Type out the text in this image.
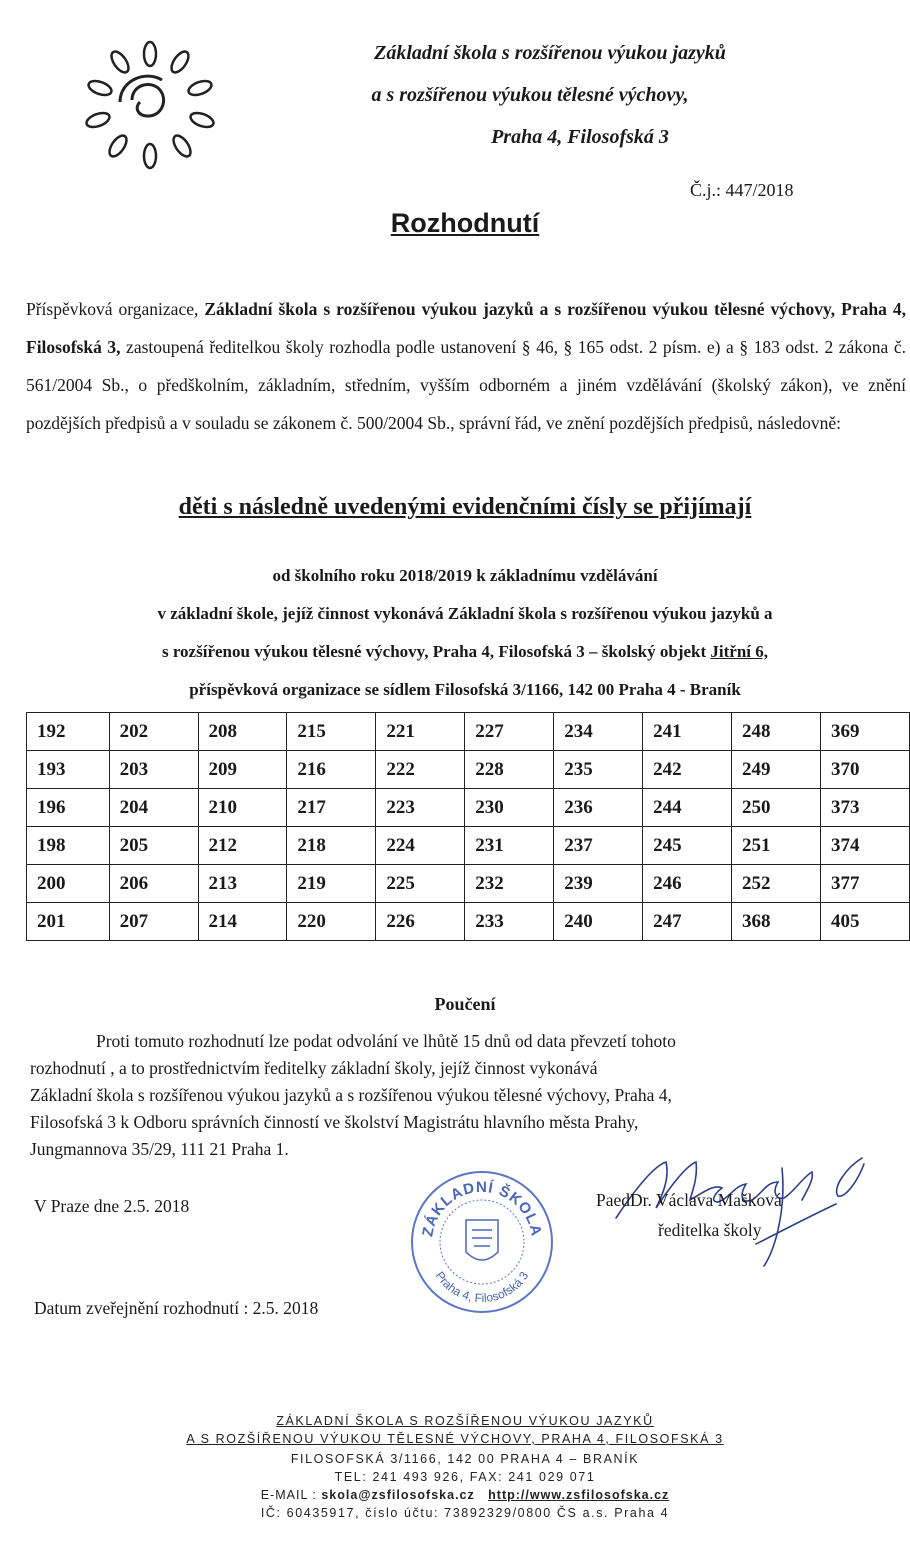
Základní škola s rozšířenou výukou jazyků
a s rozšířenou výukou tělesné výchovy,
Praha 4, Filosofská 3
Č.j.: 447/2018
Rozhodnutí
Příspěvková organizace, Základní škola s rozšířenou výukou jazyků a s rozšířenou výukou tělesné výchovy, Praha 4, Filosofská 3, zastoupená ředitelkou školy rozhodla podle ustanovení § 46, § 165 odst. 2 písm. e) a § 183 odst. 2 zákona č. 561/2004 Sb., o předškolním, základním, středním, vyšším odborném a jiném vzdělávání (školský zákon), ve znění pozdějších předpisů a v souladu se zákonem č. 500/2004 Sb., správní řád, ve znění pozdějších předpisů, následovně:
děti s následně uvedenými evidenčními čísly se přijímají
od školního roku 2018/2019 k základnímu vzdělávání
v základní škole, jejíž činnost vykonává Základní škola s rozšířenou výukou jazyků a
s rozšířenou výukou tělesné výchovy, Praha 4, Filosofská 3 – školský objekt Jitřní 6,
příspěvková organizace se sídlem Filosofská 3/1166, 142 00 Praha 4 - Braník
192	202	208	215	221	227	234	241	248	369
193	203	209	216	222	228	235	242	249	370
196	204	210	217	223	230	236	244	250	373
198	205	212	218	224	231	237	245	251	374
200	206	213	219	225	232	239	246	252	377
201	207	214	220	226	233	240	247	368	405
Poučení
Proti tomuto rozhodnutí lze podat odvolání ve lhůtě 15 dnů od data převzetí tohoto
rozhodnutí , a to prostřednictvím ředitelky základní školy, jejíž činnost vykonává
Základní škola s rozšířenou výukou jazyků a s rozšířenou výukou tělesné výchovy, Praha 4,
Filosofská 3 k Odboru správních činností ve školství Magistrátu hlavního města Prahy,
Jungmannova 35/29, 111 21 Praha 1.
V Praze dne 2.5. 2018
ZÁKLADNÍ ŠKOLA
Praha 4, Filosofská 3
PaedDr. Václava Mašková
ředitelka školy
Datum zveřejnění rozhodnutí : 2.5. 2018
ZÁKLADNÍ ŠKOLA S ROZŠÍŘENOU VÝUKOU JAZYKŮ
A S ROZŠÍŘENOU VÝUKOU TĚLESNÉ VÝCHOVY, PRAHA 4, FILOSOFSKÁ 3
FILOSOFSKÁ 3/1166, 142 00 PRAHA 4 – BRANÍK
TEL: 241 493 926, FAX: 241 029 071
E-MAIL : skola@zsfilosofska.cz http://www.zsfilosofska.cz
IČ: 60435917, číslo účtu: 73892329/0800 ČS a.s. Praha 4
